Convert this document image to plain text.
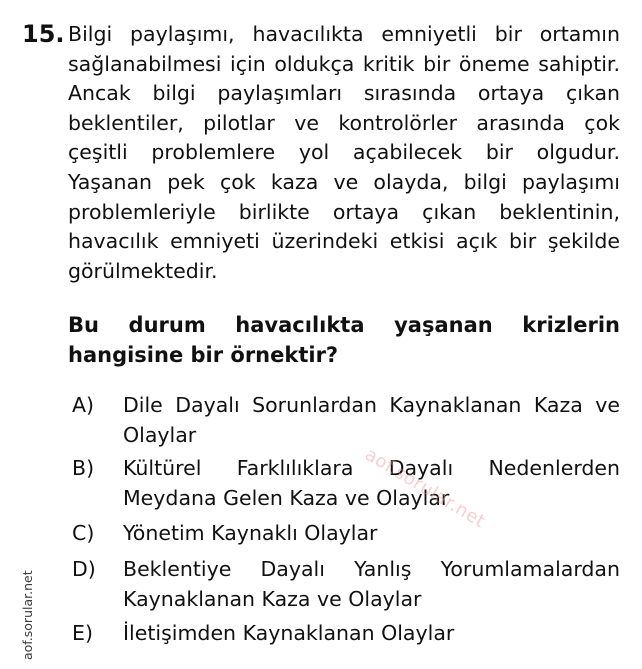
15. Bilgi paylaşımı, havacılıkta emniyetli bir ortamın sağlanabilmesi için oldukça kritik bir öneme sahiptir. Ancak bilgi paylaşımları sırasında ortaya çıkan beklentiler, pilotlar ve kontrolörler arasında çok çeşitli problemlere yol açabilecek bir olgudur. Yaşanan pek çok kaza ve olayda, bilgi paylaşımı problemleriyle birlikte ortaya çıkan beklentinin, havacılık emniyeti üzerindeki etkisi açık bir şekilde görülmektedir.
Bu durum havacılıkta yaşanan krizlerin hangisine bir örnektir?
A)	Dile Dayalı Sorunlardan Kaynaklanan Kaza ve Olaylar
B)	Kültürel Farklılıklara Dayalı Nedenlerden Meydana Gelen Kaza ve Olaylar
C)	Yönetim Kaynaklı Olaylar
D)	Beklentiye Dayalı Yanlış Yorumlamalardan Kaynaklanan Kaza ve Olaylar
E)	İletişimden Kaynaklanan Olaylar
aof.sorular.net
aof.sorular.net
